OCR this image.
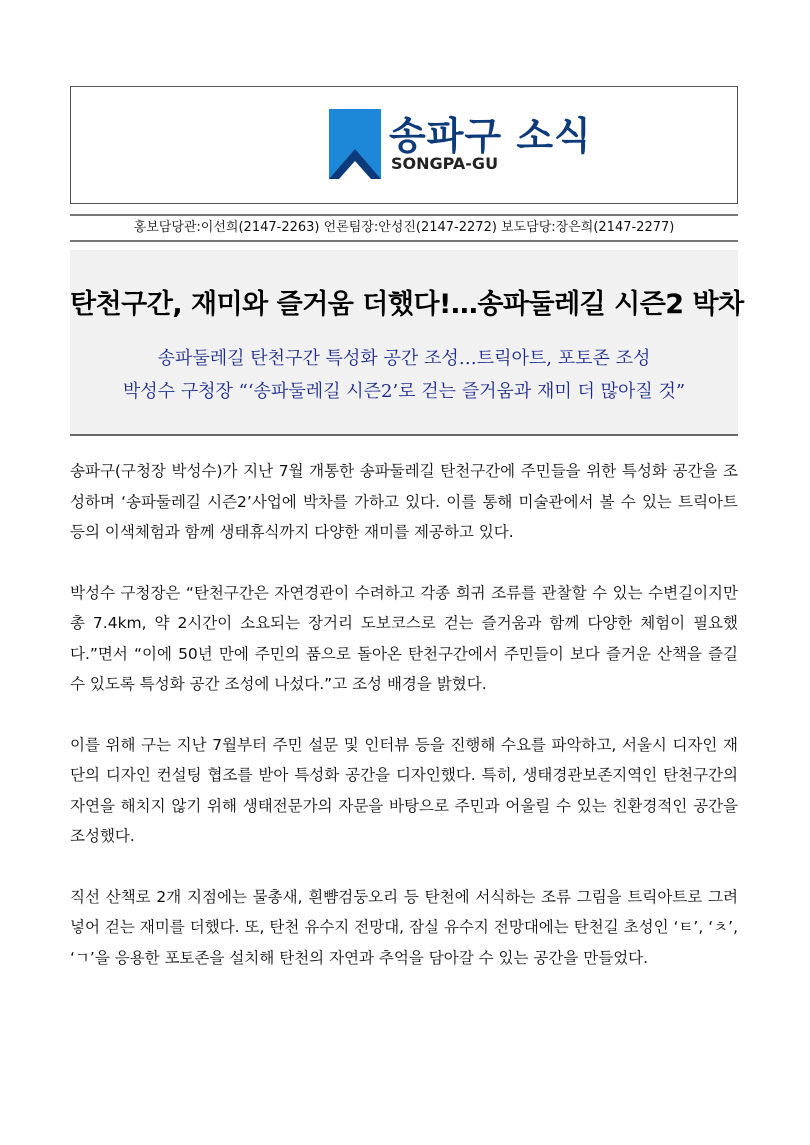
송파구 소식
SONGPA-GU
홍보담당관:이선희(2147-2263) 언론팀장:안성진(2147-2272) 보도담당:장은희(2147-2277)
탄천구간, 재미와 즐거움 더했다!…송파둘레길 시즌2 박차
송파둘레길 탄천구간 특성화 공간 조성…트릭아트, 포토존 조성
박성수 구청장 “‘송파둘레길 시즌2’로 걷는 즐거움과 재미 더 많아질 것”

송파구(구청장 박성수)가 지난 7월 개통한 송파둘레길 탄천구간에 주민들을 위한 특성화 공간을 조성하며 ‘송파둘레길 시즌2’사업에 박차를 가하고 있다. 이를 통해 미술관에서 볼 수 있는 트릭아트 등의 이색체험과 함께 생태휴식까지 다양한 재미를 제공하고 있다.

박성수 구청장은 “탄천구간은 자연경관이 수려하고 각종 희귀 조류를 관찰할 수 있는 수변길이지만 총 7.4km, 약 2시간이 소요되는 장거리 도보코스로 걷는 즐거움과 함께 다양한 체험이 필요했다.”면서 “이에 50년 만에 주민의 품으로 돌아온 탄천구간에서 주민들이 보다 즐거운 산책을 즐길 수 있도록 특성화 공간 조성에 나섰다.”고 조성 배경을 밝혔다.

이를 위해 구는 지난 7월부터 주민 설문 및 인터뷰 등을 진행해 수요를 파악하고, 서울시 디자인 재단의 디자인 컨설팅 협조를 받아 특성화 공간을 디자인했다. 특히, 생태경관보존지역인 탄천구간의 자연을 해치지 않기 위해 생태전문가의 자문을 바탕으로 주민과 어울릴 수 있는 친환경적인 공간을 조성했다.

직선 산책로 2개 지점에는 물총새, 흰뺨검둥오리 등 탄천에 서식하는 조류 그림을 트릭아트로 그려 넣어 걷는 재미를 더했다. 또, 탄천 유수지 전망대, 잠실 유수지 전망대에는 탄천길 초성인 ‘ㅌ’, ‘ㅊ’, ‘ㄱ’을 응용한 포토존을 설치해 탄천의 자연과 추억을 담아갈 수 있는 공간을 만들었다.
